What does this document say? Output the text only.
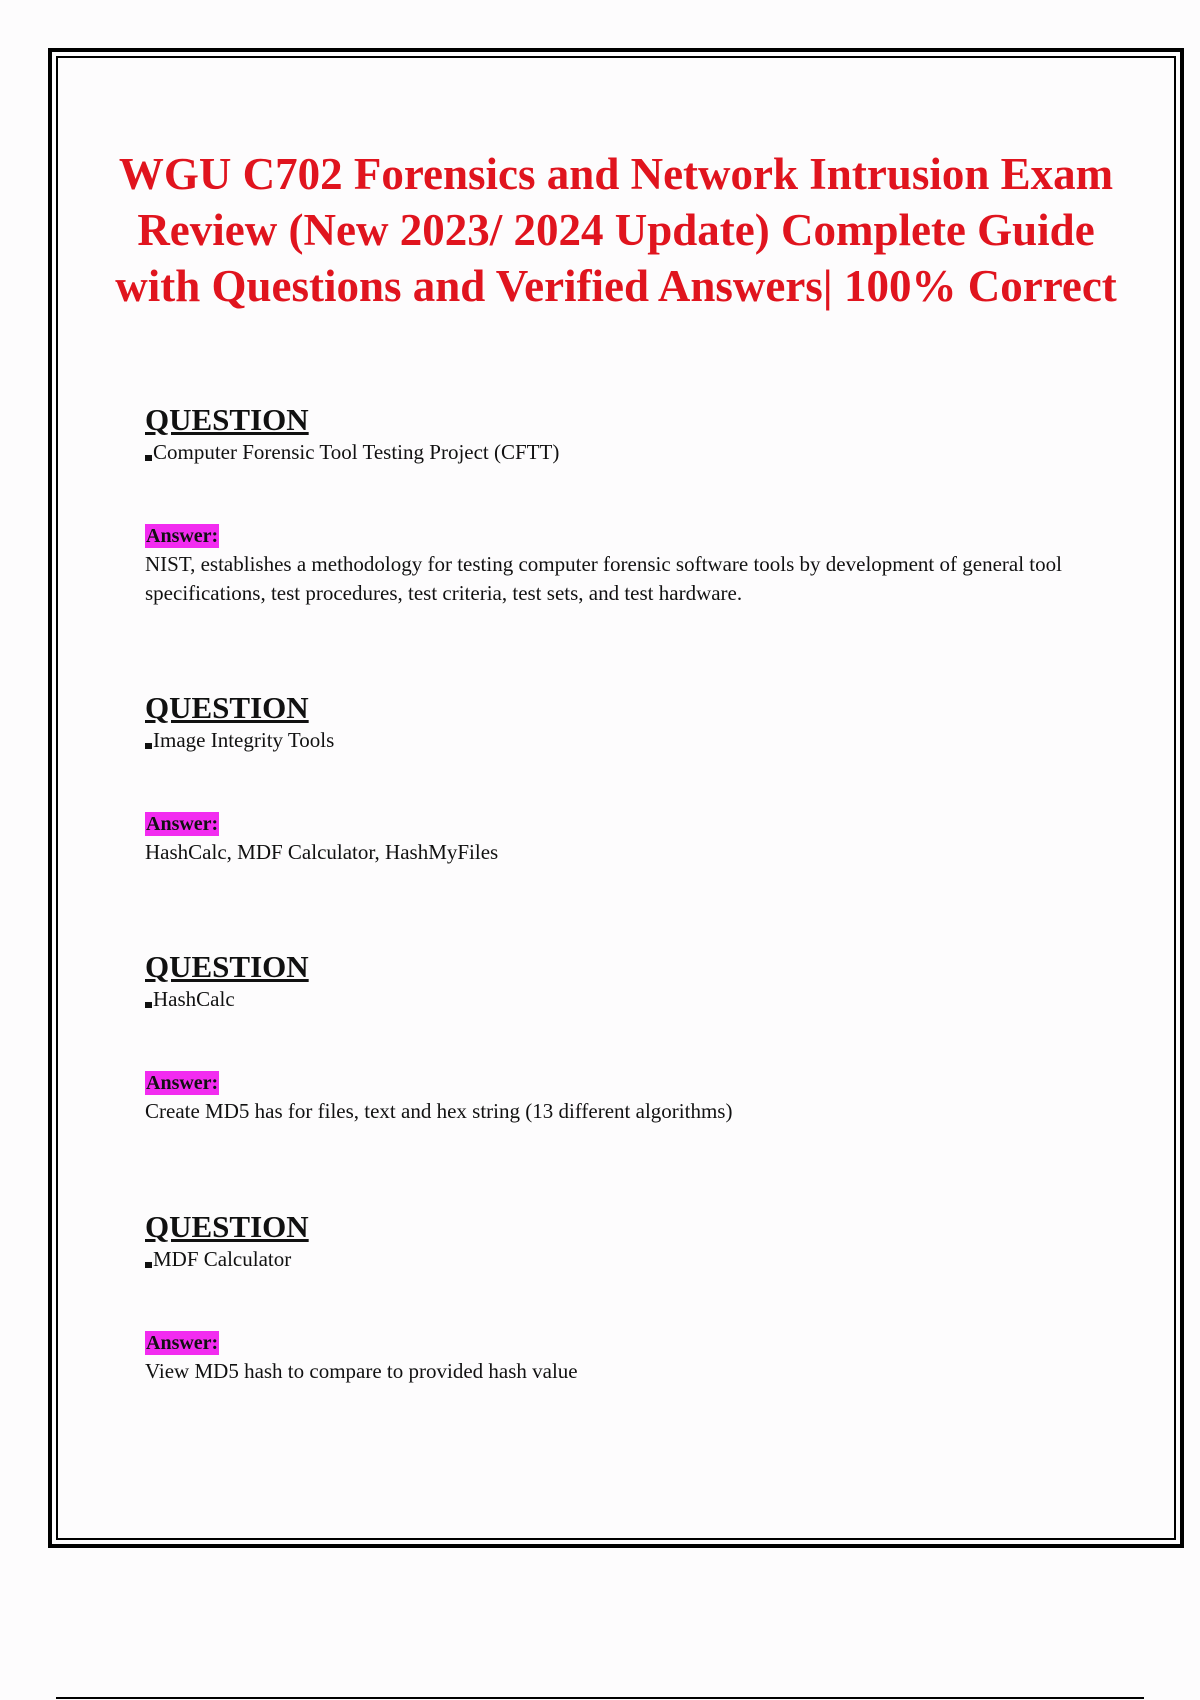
WGU C702 Forensics and Network Intrusion Exam Review (New 2023/ 2024 Update) Complete Guide with Questions and Verified Answers| 100% Correct
QUESTION
Computer Forensic Tool Testing Project (CFTT)
Answer:
NIST, establishes a methodology for testing computer forensic software tools by development of general tool specifications, test procedures, test criteria, test sets, and test hardware.
QUESTION
Image Integrity Tools
Answer:
HashCalc, MDF Calculator, HashMyFiles
QUESTION
HashCalc
Answer:
Create MD5 has for files, text and hex string (13 different algorithms)
QUESTION
MDF Calculator
Answer:
View MD5 hash to compare to provided hash value
